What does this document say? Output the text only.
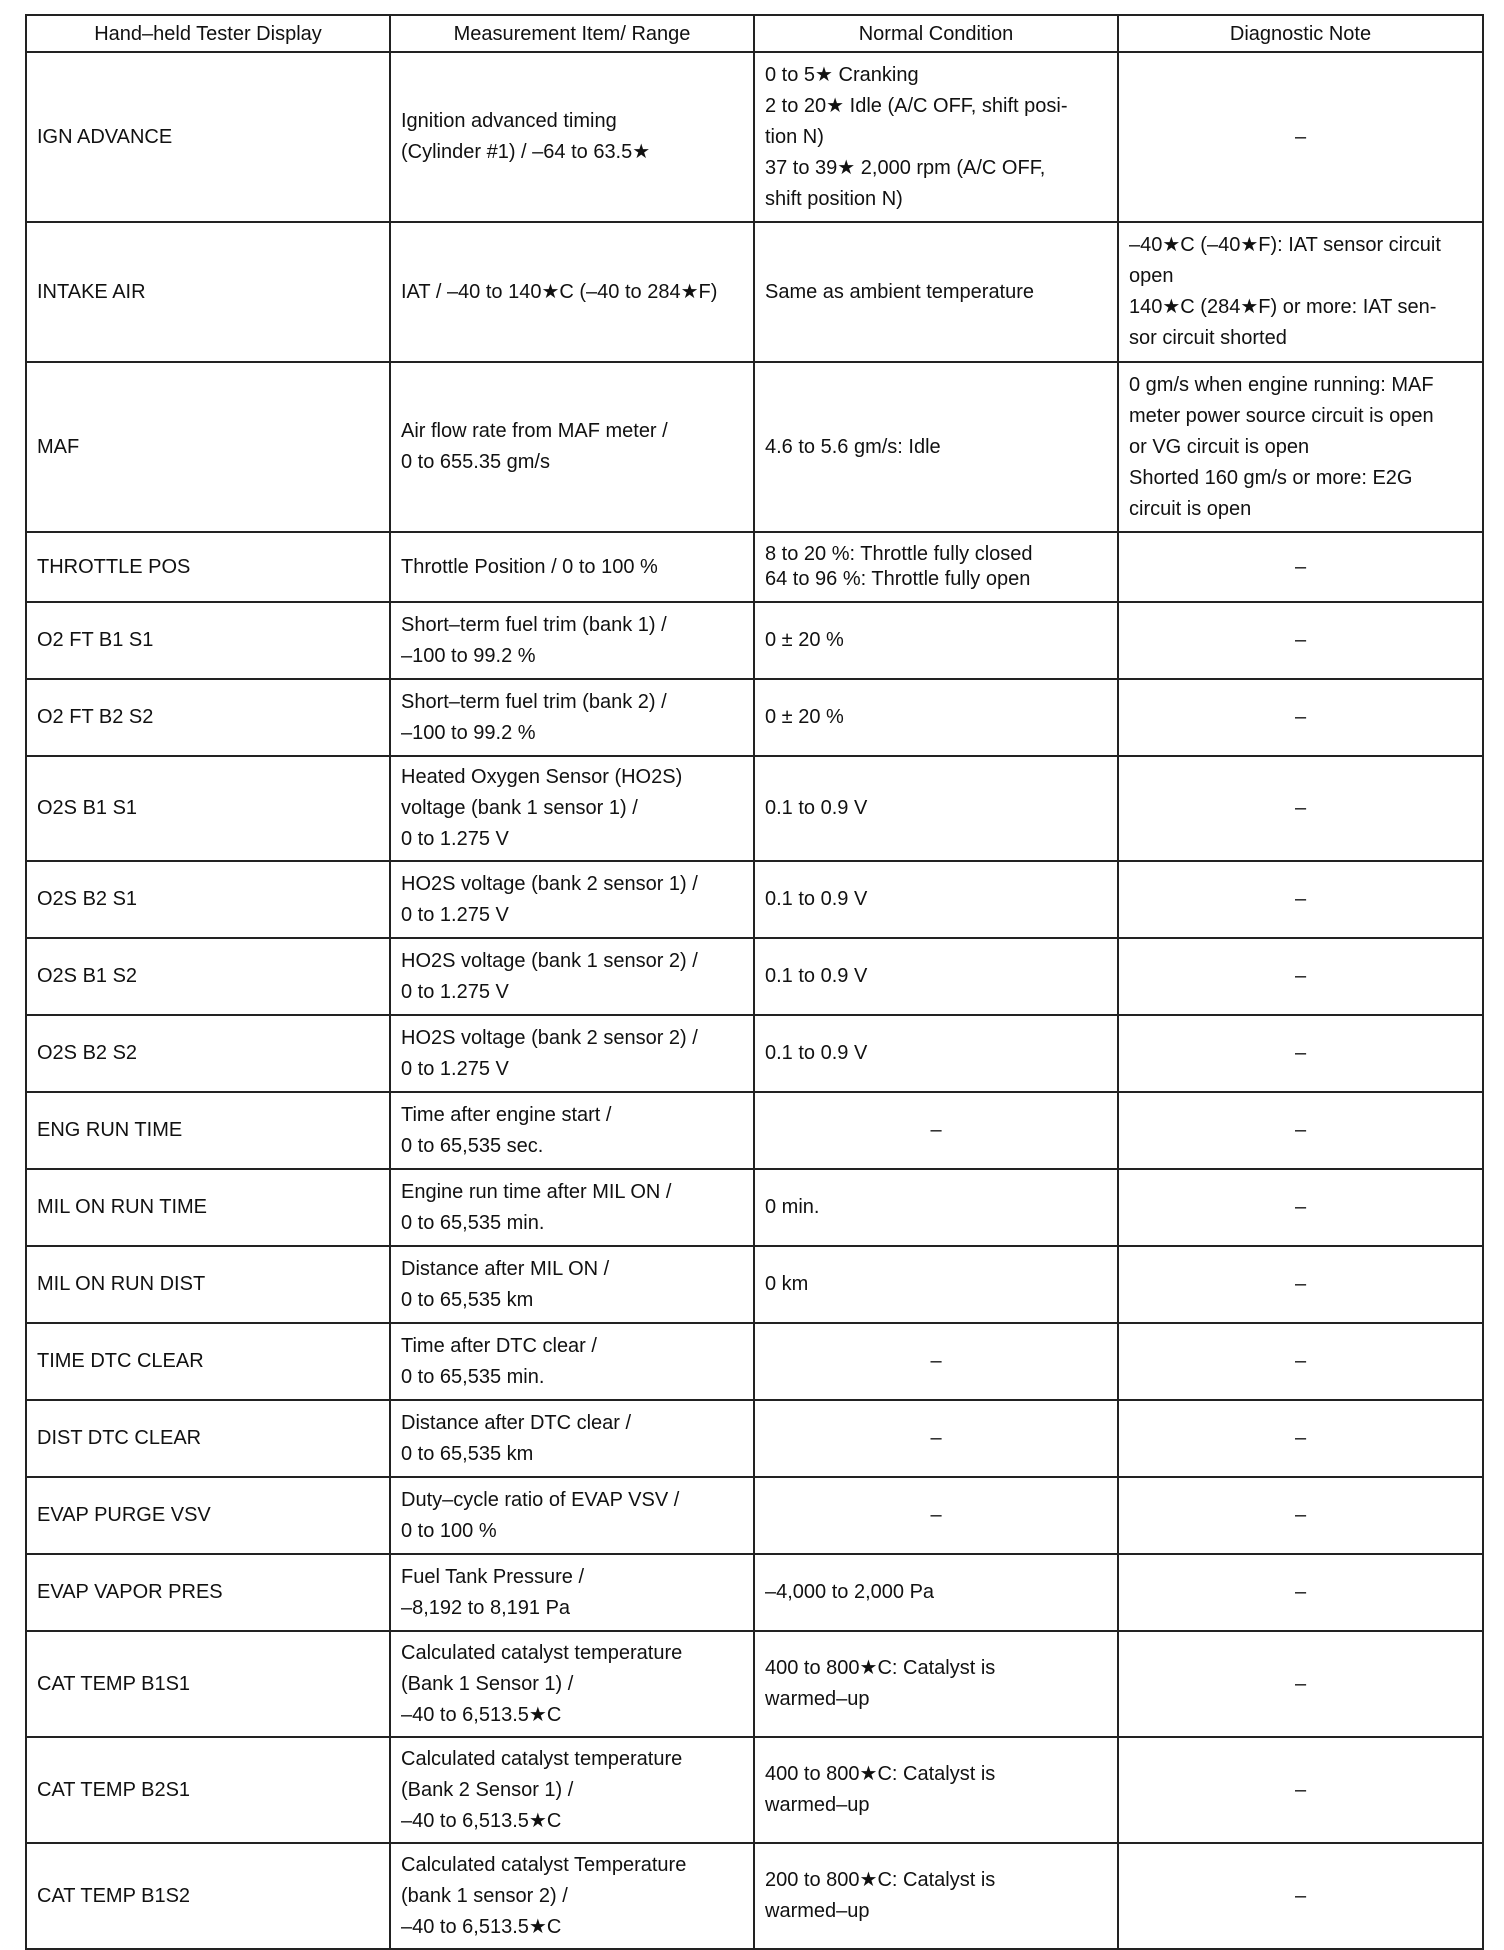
Hand–held Tester Display	Measurement Item/ Range	Normal Condition	Diagnostic Note

IGN ADVANCE	Ignition advanced timing
(Cylinder #1) / –64 to 63.5★	0 to 5★ Cranking
2 to 20★ Idle (A/C OFF, shift posi-
tion N)
37 to 39★ 2,000 rpm (A/C OFF,
shift position N)	–

INTAKE AIR	IAT / –40 to 140★C (–40 to 284★F)	Same as ambient temperature	–40★C (–40★F): IAT sensor circuit
open
140★C (284★F) or more: IAT sen-
sor circuit shorted

MAF	Air flow rate from MAF meter /
0 to 655.35 gm/s	4.6 to 5.6 gm/s: Idle	0 gm/s when engine running: MAF
meter power source circuit is open
or VG circuit is open
Shorted 160 gm/s or more: E2G
circuit is open

THROTTLE POS	Throttle Position / 0 to 100 %	8 to 20 %: Throttle fully closed
64 to 96 %: Throttle fully open	–

O2 FT B1 S1	Short–term fuel trim (bank 1) /
–100 to 99.2 %	0 ± 20 %	–

O2 FT B2 S2	Short–term fuel trim (bank 2) /
–100 to 99.2 %	0 ± 20 %	–

O2S B1 S1	Heated Oxygen Sensor (HO2S)
voltage (bank 1 sensor 1) /
0 to 1.275 V	0.1 to 0.9 V	–

O2S B2 S1	HO2S voltage (bank 2 sensor 1) /
0 to 1.275 V	0.1 to 0.9 V	–

O2S B1 S2	HO2S voltage (bank 1 sensor 2) /
0 to 1.275 V	0.1 to 0.9 V	–

O2S B2 S2	HO2S voltage (bank 2 sensor 2) /
0 to 1.275 V	0.1 to 0.9 V	–

ENG RUN TIME	Time after engine start /
0 to 65,535 sec.	–	–

MIL ON RUN TIME	Engine run time after MIL ON /
0 to 65,535 min.	0 min.	–

MIL ON RUN DIST	Distance after MIL ON /
0 to 65,535 km	0 km	–

TIME DTC CLEAR	Time after DTC clear /
0 to 65,535 min.	–	–

DIST DTC CLEAR	Distance after DTC clear /
0 to 65,535 km	–	–

EVAP PURGE VSV	Duty–cycle ratio of EVAP VSV /
0 to 100 %	–	–

EVAP VAPOR PRES	Fuel Tank Pressure /
–8,192 to 8,191 Pa	–4,000 to 2,000 Pa	–

CAT TEMP B1S1	Calculated catalyst temperature
(Bank 1 Sensor 1) /
–40 to 6,513.5★C	400 to 800★C: Catalyst is
warmed–up	–

CAT TEMP B2S1	Calculated catalyst temperature
(Bank 2 Sensor 1) /
–40 to 6,513.5★C	400 to 800★C: Catalyst is
warmed–up	–

CAT TEMP B1S2	Calculated catalyst Temperature
(bank 1 sensor 2) /
–40 to 6,513.5★C	200 to 800★C: Catalyst is
warmed–up	–
